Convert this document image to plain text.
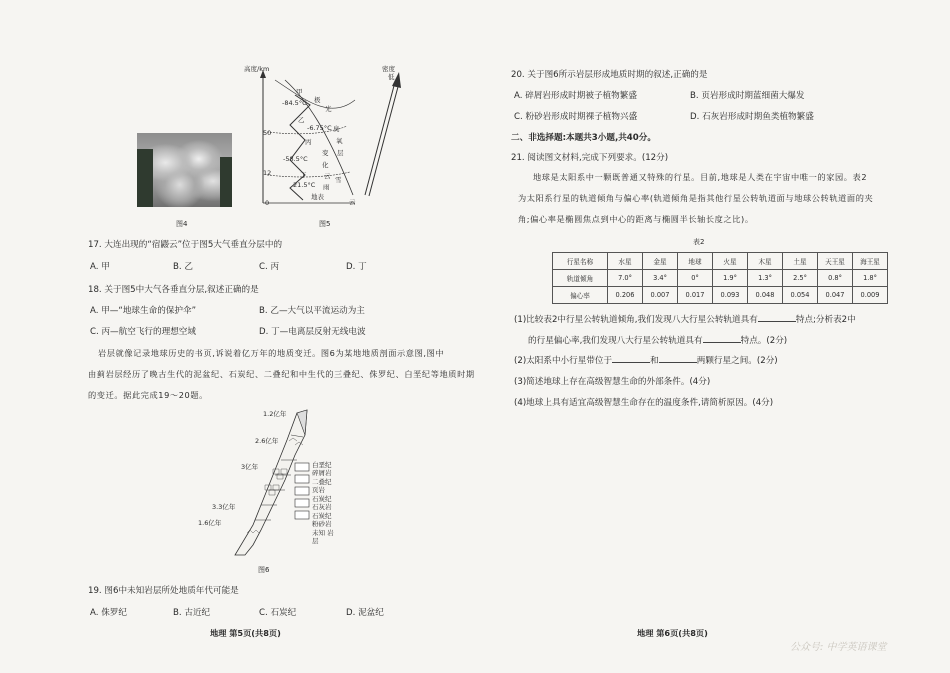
图4
高度/km	密度
低
50
12
0
-84.5°C
-6.75°C
-58.5°C
21.5°C
甲
乙
丙
丁
极
光
臭
氧
层
变
化
云
雨
雪
地表
云
图5
17. 大连出现的“宿鼹云”位于图5大气垂直分层中的
A. 甲	B. 乙	C. 丙	D. 丁
18. 关于图5中大气各垂直分层,叙述正确的是
A. 甲—“地球生命的保护伞”	B. 乙—大气以平流运动为主
C. 丙—航空飞行的理想空域	D. 丁—电离层反射无线电波
岩层就像记录地球历史的书页,诉说着亿万年的地质变迁。图6为某地地质剖面示意图,图中
由蓟岩层经历了晚古生代的泥盆纪、石炭纪、二叠纪和中生代的三叠纪、侏罗纪、白垩纪等地质时期
的变迁。据此完成19～20题。
1.2亿年
2.6亿年
3亿年
3.3亿年
1.6亿年
白垩纪 碎屑岩
二叠纪 页岩
石炭纪 石灰岩
石炭纪 粉砂岩
未知 岩层
图6
19. 图6中未知岩层所处地质年代可能是
A. 侏罗纪	B. 古近纪	C. 石炭纪	D. 泥盆纪
地理 第5页(共8页)
20. 关于图6所示岩层形成地质时期的叙述,正确的是
A. 碎屑岩形成时期被子植物繁盛	B. 页岩形成时期蓝细菌大爆发
C. 粉砂岩形成时期裸子植物兴盛	D. 石灰岩形成时期鱼类植物繁盛
二、非选择题:本题共3小题,共40分。
21. 阅读图文材料,完成下列要求。(12分)
地球是太阳系中一颗既普通又特殊的行星。目前,地球是人类在宇宙中唯一的家园。表2
为太阳系行星的轨道倾角与偏心率(轨道倾角是指其他行星公转轨道面与地球公转轨道面的夹
角;偏心率是椭圆焦点到中心的距离与椭圆半长轴长度之比)。
表2
行星名称	水星	金星	地球	火星	木星	土星	天王星	海王星
轨道倾角	7.0°	3.4°	0°	1.9°	1.3°	2.5°	0.8°	1.8°
偏心率	0.206	0.007	0.017	0.093	0.048	0.054	0.047	0.009
(1)比较表2中行星公转轨道倾角,我们发现八大行星公转轨道具有	特点;分析表2中
的行星偏心率,我们发现八大行星公转轨道具有	特点。(2分)
(2)太阳系中小行星带位于	和	两颗行星之间。(2分)
(3)简述地球上存在高级智慧生命的外部条件。(4分)
(4)地球上具有适宜高级智慧生命存在的温度条件,请简析原因。(4分)
地理 第6页(共8页)
公众号: 中学英语课堂
